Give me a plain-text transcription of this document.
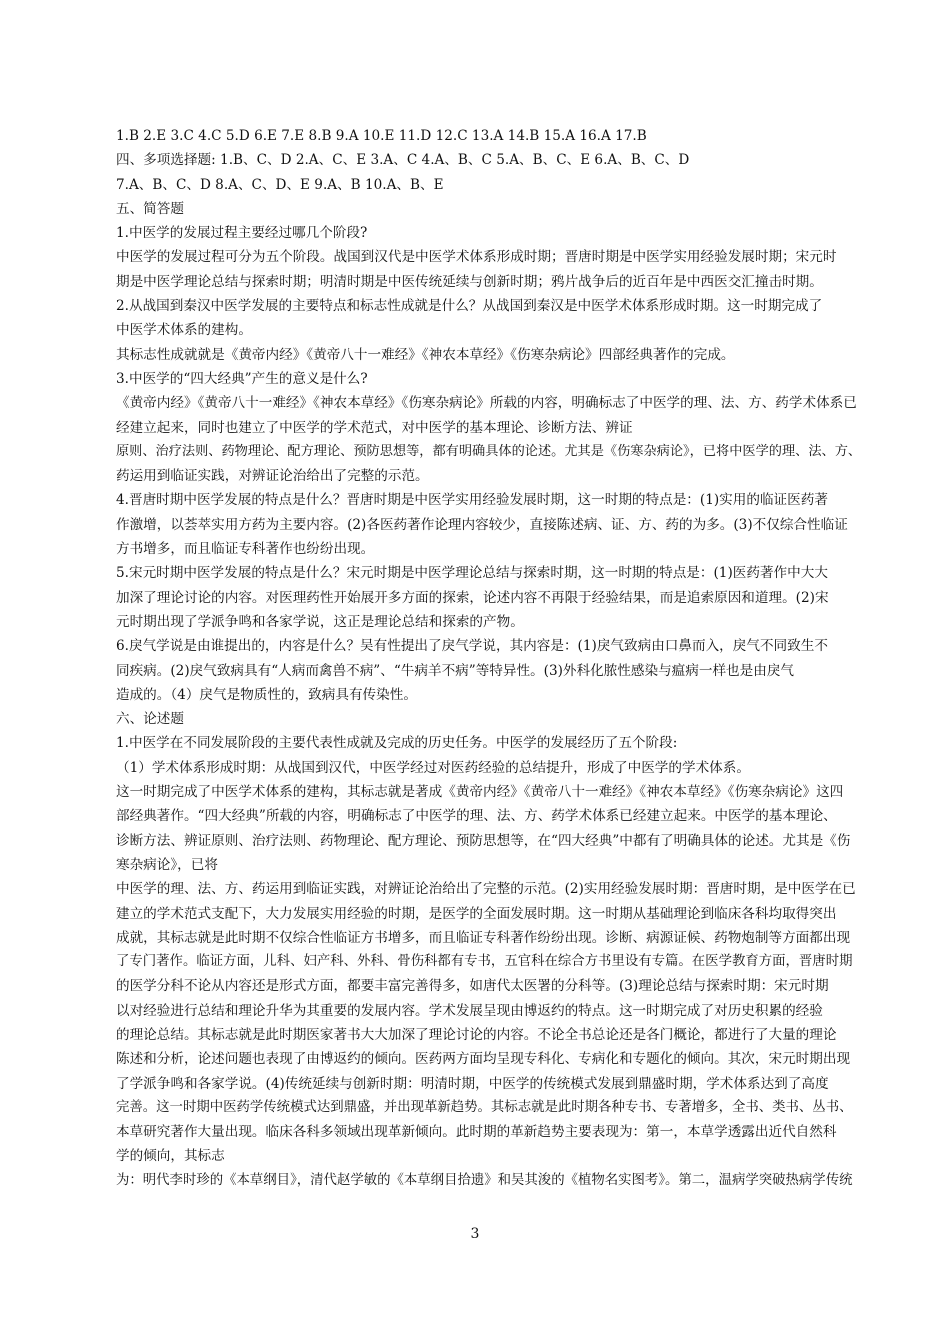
1.B 2.E 3.C 4.C 5.D 6.E 7.E 8.B 9.A 10.E 11.D 12.C 13.A 14.B 15.A 16.A 17.B
四、多项选择题: 1.B、C、D 2.A、C、E 3.A、C 4.A、B、C 5.A、B、C、E 6.A、B、C、D
7.A、B、C、D 8.A、C、D、E 9.A、B 10.A、B、E
五、简答题
1.中医学的发展过程主要经过哪几个阶段?
中医学的发展过程可分为五个阶段。战国到汉代是中医学术体系形成时期；晋唐时期是中医学实用经验发展时期；宋元时
期是中医学理论总结与探索时期；明清时期是中医传统延续与创新时期；鸦片战争后的近百年是中西医交汇撞击时期。
2.从战国到秦汉中医学发展的主要特点和标志性成就是什么？从战国到秦汉是中医学术体系形成时期。这一时期完成了
中医学术体系的建构。
其标志性成就就是《黄帝内经》《黄帝八十一难经》《神农本草经》《伤寒杂病论》四部经典著作的完成。
3.中医学的“四大经典”产生的意义是什么?
《黄帝内经》《黄帝八十一难经》《神农本草经》《伤寒杂病论》所载的内容，明确标志了中医学的理、法、方、药学术体系已
经建立起来，同时也建立了中医学的学术范式，对中医学的基本理论、诊断方法、辨证
原则、治疗法则、药物理论、配方理论、预防思想等，都有明确具体的论述。尤其是《伤寒杂病论》，已将中医学的理、法、方、
药运用到临证实践，对辨证论治给出了完整的示范。
4.晋唐时期中医学发展的特点是什么？晋唐时期是中医学实用经验发展时期，这一时期的特点是：(1)实用的临证医药著
作激增，以荟萃实用方药为主要内容。(2)各医药著作论理内容较少，直接陈述病、证、方、药的为多。(3)不仅综合性临证
方书增多，而且临证专科著作也纷纷出现。
5.宋元时期中医学发展的特点是什么？宋元时期是中医学理论总结与探索时期，这一时期的特点是：(1)医药著作中大大
加深了理论讨论的内容。对医理药性开始展开多方面的探索，论述内容不再限于经验结果，而是追索原因和道理。(2)宋
元时期出现了学派争鸣和各家学说，这正是理论总结和探索的产物。
6.戾气学说是由谁提出的，内容是什么？吴有性提出了戾气学说，其内容是：(1)戾气致病由口鼻而入，戾气不同致生不
同疾病。(2)戾气致病具有“人病而禽兽不病”、“牛病羊不病”等特异性。(3)外科化脓性感染与瘟病一样也是由戾气
造成的。（4）戾气是物质性的，致病具有传染性。
六、论述题
1.中医学在不同发展阶段的主要代表性成就及完成的历史任务。中医学的发展经历了五个阶段:
（1）学术体系形成时期：从战国到汉代，中医学经过对医药经验的总结提升，形成了中医学的学术体系。
这一时期完成了中医学术体系的建构，其标志就是著成《黄帝内经》《黄帝八十一难经》《神农本草经》《伤寒杂病论》这四
部经典著作。“四大经典”所载的内容，明确标志了中医学的理、法、方、药学术体系已经建立起来。中医学的基本理论、
诊断方法、辨证原则、治疗法则、药物理论、配方理论、预防思想等，在“四大经典”中都有了明确具体的论述。尤其是《伤
寒杂病论》，已将
中医学的理、法、方、药运用到临证实践，对辨证论治给出了完整的示范。(2)实用经验发展时期：晋唐时期，是中医学在已
建立的学术范式支配下，大力发展实用经验的时期，是医学的全面发展时期。这一时期从基础理论到临床各科均取得突出
成就，其标志就是此时期不仅综合性临证方书增多，而且临证专科著作纷纷出现。诊断、病源证候、药物炮制等方面都出现
了专门著作。临证方面，儿科、妇产科、外科、骨伤科都有专书，五官科在综合方书里设有专篇。在医学教育方面，晋唐时期
的医学分科不论从内容还是形式方面，都要丰富完善得多，如唐代太医署的分科等。(3)理论总结与探索时期：宋元时期
以对经验进行总结和理论升华为其重要的发展内容。学术发展呈现由博返约的特点。这一时期完成了对历史积累的经验
的理论总结。其标志就是此时期医家著书大大加深了理论讨论的内容。不论全书总论还是各门概论，都进行了大量的理论
陈述和分析，论述问题也表现了由博返约的倾向。医药两方面均呈现专科化、专病化和专题化的倾向。其次，宋元时期出现
了学派争鸣和各家学说。(4)传统延续与创新时期：明清时期，中医学的传统模式发展到鼎盛时期，学术体系达到了高度
完善。这一时期中医药学传统模式达到鼎盛，并出现革新趋势。其标志就是此时期各种专书、专著增多，全书、类书、丛书、
本草研究著作大量出现。临床各科多领域出现革新倾向。此时期的革新趋势主要表现为：第一，本草学透露出近代自然科
学的倾向，其标志
为：明代李时珍的《本草纲目》，清代赵学敏的《本草纲目拾遗》和吴其浚的《植物名实图考》。第二，温病学突破热病学传统
3
